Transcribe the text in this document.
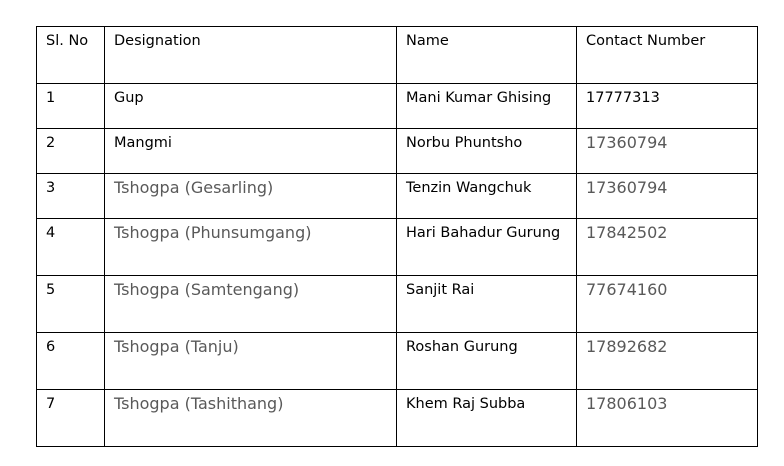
Sl. No	Designation	Name	Contact Number
1	Gup	Mani Kumar Ghising	17777313
2	Mangmi	Norbu Phuntsho	17360794
3	Tshogpa (Gesarling)	Tenzin Wangchuk	17360794
4	Tshogpa (Phunsumgang)	Hari Bahadur Gurung	17842502
5	Tshogpa (Samtengang)	Sanjit Rai	77674160
6	Tshogpa (Tanju)	Roshan Gurung	17892682
7	Tshogpa (Tashithang)	Khem Raj Subba	17806103
